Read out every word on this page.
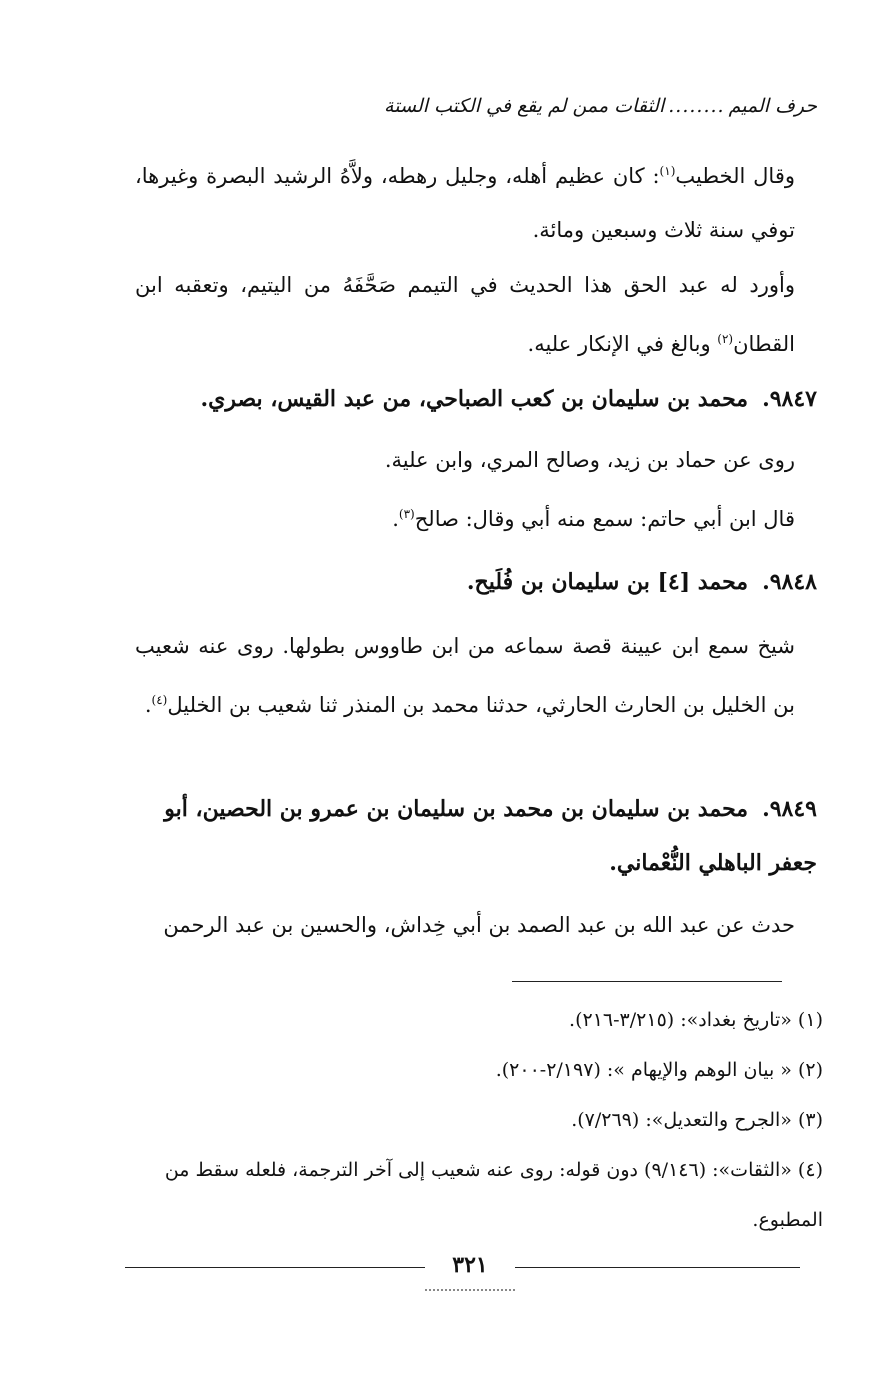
حرف الميم
........
الثقات ممن لم يقع في الكتب الستة

وقال الخطيب$^{(١)}$: كان عظيم أهله، وجليل رهطه، ولاَّهُ الرشيد البصرة وغيرها، توفي سنة ثلاث وسبعين ومائة.

وأورد له عبد الحق هذا الحديث في التيمم صَحَّفَهُ من اليتيم، وتعقبه ابن القطان$^{(٢)}$ وبالغ في الإنكار عليه.

٩٨٤٧.محمد بن سليمان بن كعب الصباحي، من عبد القيس، بصري.

روى عن حماد بن زيد، وصالح المري، وابن علية.

قال ابن أبي حاتم: سمع منه أبي وقال: صالح$^{(٣)}$.

٩٨٤٨.محمد [٤] بن سليمان بن فُلَيح.

شيخ سمع ابن عيينة قصة سماعه من ابن طاووس بطولها. روى عنه شعيب بن الخليل بن الحارث الحارثي، حدثنا محمد بن المنذر ثنا شعيب بن الخليل$^{(٤)}$.

٩٨٤٩.محمد بن سليمان بن محمد بن سليمان بن عمرو بن الحصين، أبو جعفر الباهلي النُّعْماني.

حدث عن عبد الله بن عبد الصمد بن أبي خِداش، والحسين بن عبد الرحمن

(١) «تاريخ بغداد»: (٣/٢١٥-٢١٦).

(٢) « بيان الوهم والإيهام »: (٢/١٩٧-٢٠٠).

(٣) «الجرح والتعديل»: (٧/٢٦٩).

(٤) «الثقات»: (٩/١٤٦) دون قوله: روى عنه شعيب إلى آخر الترجمة، فلعله سقط من المطبوع.

٣٢١
